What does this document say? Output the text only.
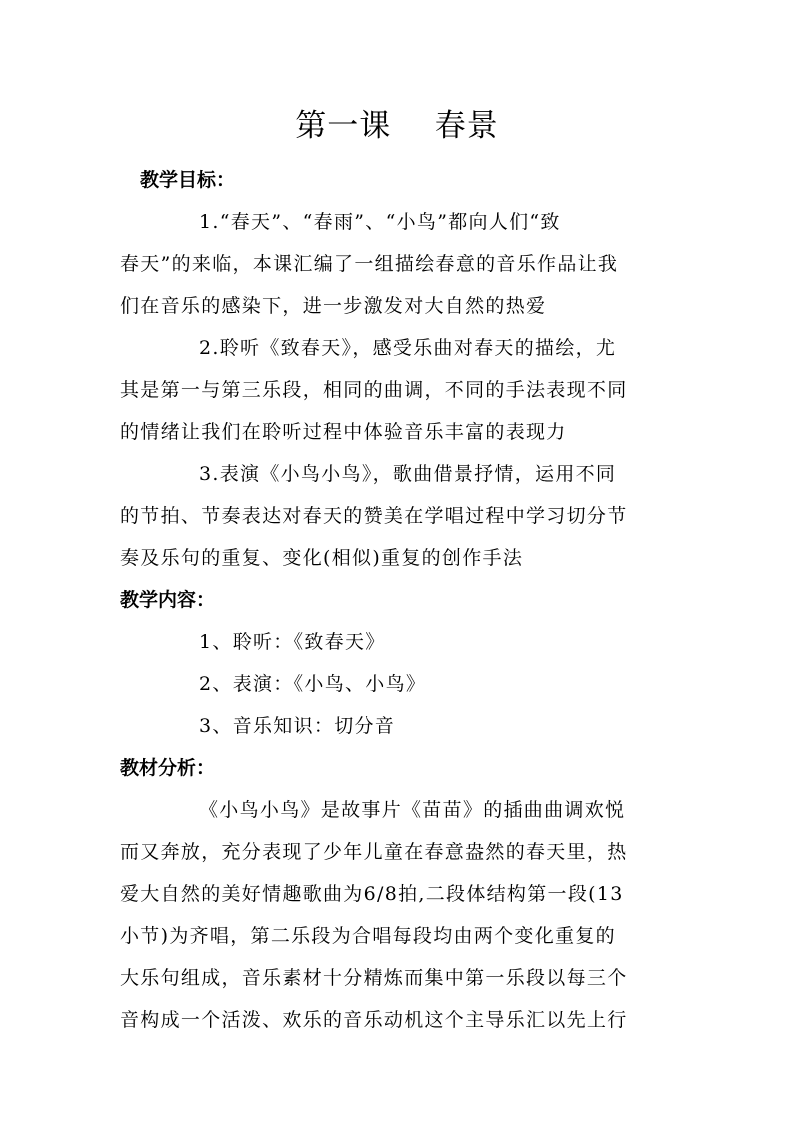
第一课    春景
教学目标：
1.“春天”、“春雨”、“小鸟”都向人们“致
春天”的来临，本课汇编了一组描绘春意的音乐作品让我
们在音乐的感染下，进一步激发对大自然的热爱
2.聆听《致春天》，感受乐曲对春天的描绘，尤
其是第一与第三乐段，相同的曲调，不同的手法表现不同
的情绪让我们在聆听过程中体验音乐丰富的表现力
3.表演《小鸟小鸟》，歌曲借景抒情，运用不同
的节拍、节奏表达对春天的赞美在学唱过程中学习切分节
奏及乐句的重复、变化(相似)重复的创作手法
教学内容：
1、聆听：《致春天》
2、表演：《小鸟、小鸟》
3、音乐知识：切分音
教材分析：
《小鸟小鸟》是故事片《苗苗》的插曲曲调欢悦
而又奔放，充分表现了少年儿童在春意盎然的春天里，热
爱大自然的美好情趣歌曲为6/8拍,二段体结构第一段(13
小节)为齐唱，第二乐段为合唱每段均由两个变化重复的
大乐句组成，音乐素材十分精炼而集中第一乐段以每三个
音构成一个活泼、欢乐的音乐动机这个主导乐汇以先上行
